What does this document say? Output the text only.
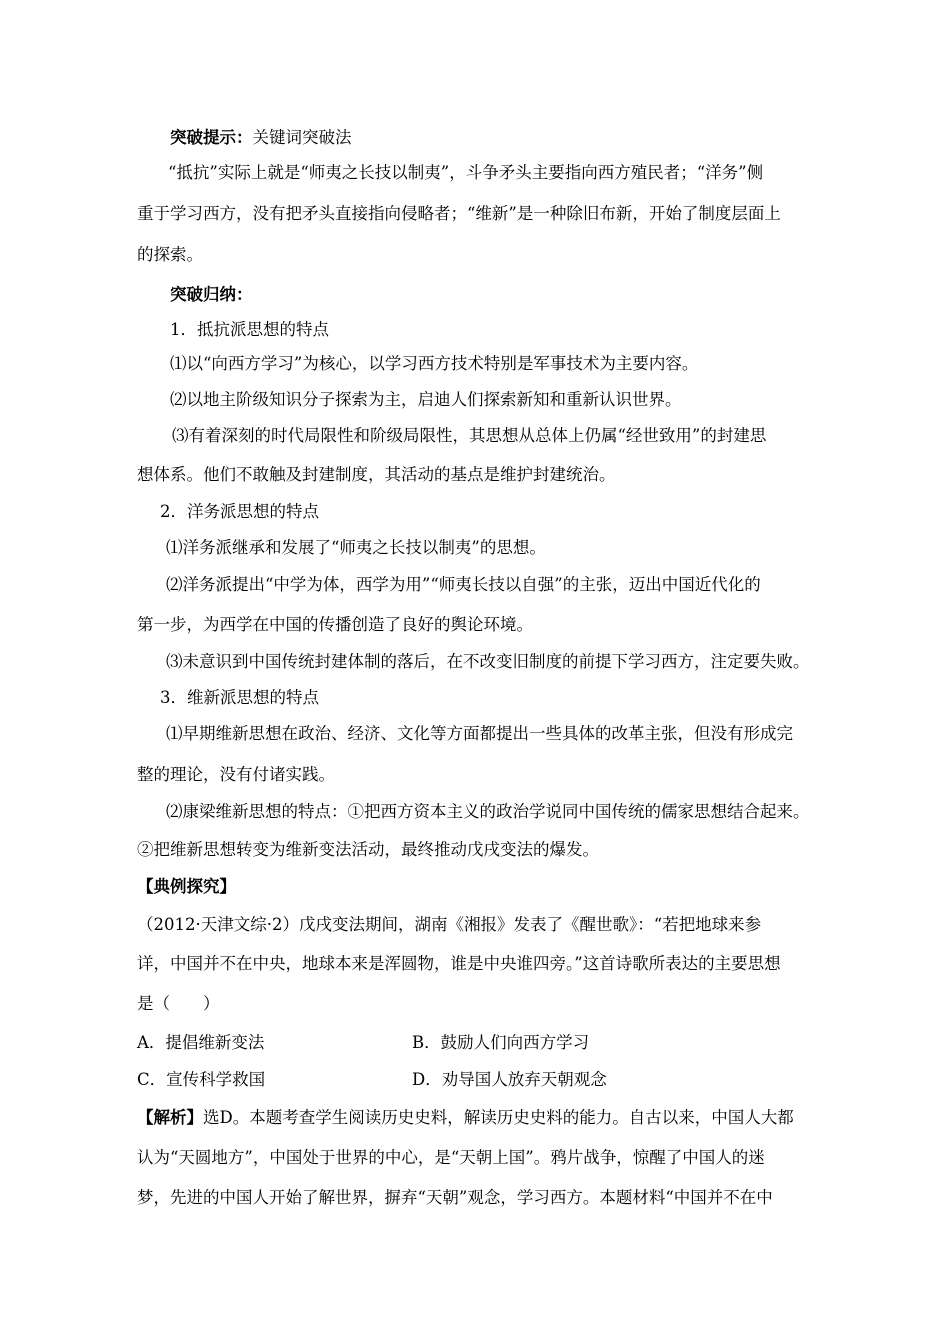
突破提示：关键词突破法
“抵抗”实际上就是“师夷之长技以制夷”，斗争矛头主要指向西方殖民者；“洋务”侧
重于学习西方，没有把矛头直接指向侵略者；“维新”是一种除旧布新，开始了制度层面上
的探索。
突破归纳：
1．抵抗派思想的特点
⑴以“向西方学习”为核心，以学习西方技术特别是军事技术为主要内容。
⑵以地主阶级知识分子探索为主，启迪人们探索新知和重新认识世界。
⑶有着深刻的时代局限性和阶级局限性，其思想从总体上仍属“经世致用”的封建思
想体系。他们不敢触及封建制度，其活动的基点是维护封建统治。
2．洋务派思想的特点
⑴洋务派继承和发展了“师夷之长技以制夷”的思想。
⑵洋务派提出“中学为体，西学为用”“师夷长技以自强”的主张，迈出中国近代化的
第一步，为西学在中国的传播创造了良好的舆论环境。
⑶未意识到中国传统封建体制的落后，在不改变旧制度的前提下学习西方，注定要失败。
3．维新派思想的特点
⑴早期维新思想在政治、经济、文化等方面都提出一些具体的改革主张，但没有形成完
整的理论，没有付诸实践。
⑵康梁维新思想的特点：①把西方资本主义的政治学说同中国传统的儒家思想结合起来。
②把维新思想转变为维新变法活动，最终推动戊戌变法的爆发。
【典例探究】
（2012·天津文综·2）戊戌变法期间，湖南《湘报》发表了《醒世歌》：“若把地球来参
详，中国并不在中央，地球本来是浑圆物，谁是中央谁四旁。”这首诗歌所表达的主要思想
是（　　）
A．提倡维新变法	B．鼓励人们向西方学习
C．宣传科学救国	D．劝导国人放弃天朝观念
【解析】选D。本题考查学生阅读历史史料，解读历史史料的能力。自古以来，中国人大都
认为“天圆地方”，中国处于世界的中心，是“天朝上国”。鸦片战争，惊醒了中国人的迷
梦，先进的中国人开始了解世界，摒弃“天朝”观念，学习西方。本题材料“中国并不在中
